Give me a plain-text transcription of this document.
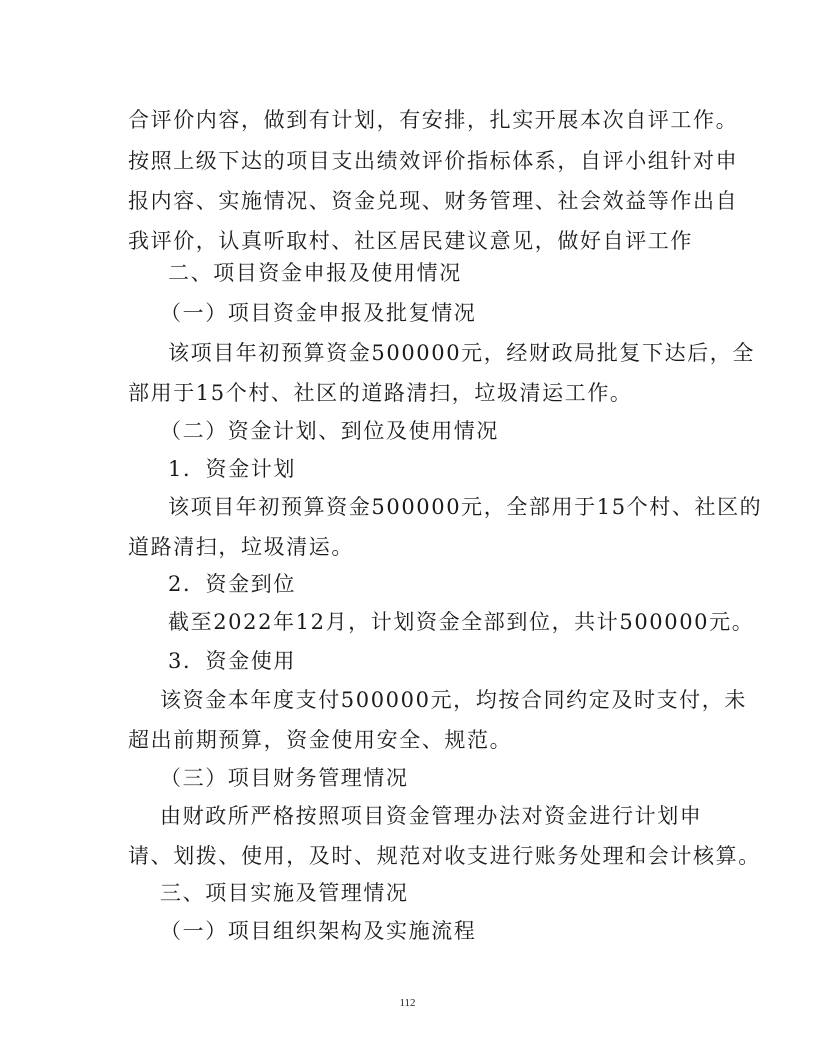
合评价内容，做到有计划，有安排，扎实开展本次自评工作。
按照上级下达的项目支出绩效评价指标体系，自评小组针对申
报内容、实施情况、资金兑现、财务管理、社会效益等作出自
我评价，认真听取村、社区居民建议意见，做好自评工作
二、项目资金申报及使用情况
（一）项目资金申报及批复情况
该项目年初预算资金500000元，经财政局批复下达后，全
部用于15个村、社区的道路清扫，垃圾清运工作。
（二）资金计划、到位及使用情况
1．资金计划
该项目年初预算资金500000元，全部用于15个村、社区的
道路清扫，垃圾清运。
2．资金到位
截至2022年12月，计划资金全部到位，共计500000元。
3．资金使用
该资金本年度支付500000元，均按合同约定及时支付，未
超出前期预算，资金使用安全、规范。
（三）项目财务管理情况
由财政所严格按照项目资金管理办法对资金进行计划申
请、划拨、使用，及时、规范对收支进行账务处理和会计核算。
三、项目实施及管理情况
（一）项目组织架构及实施流程
112
